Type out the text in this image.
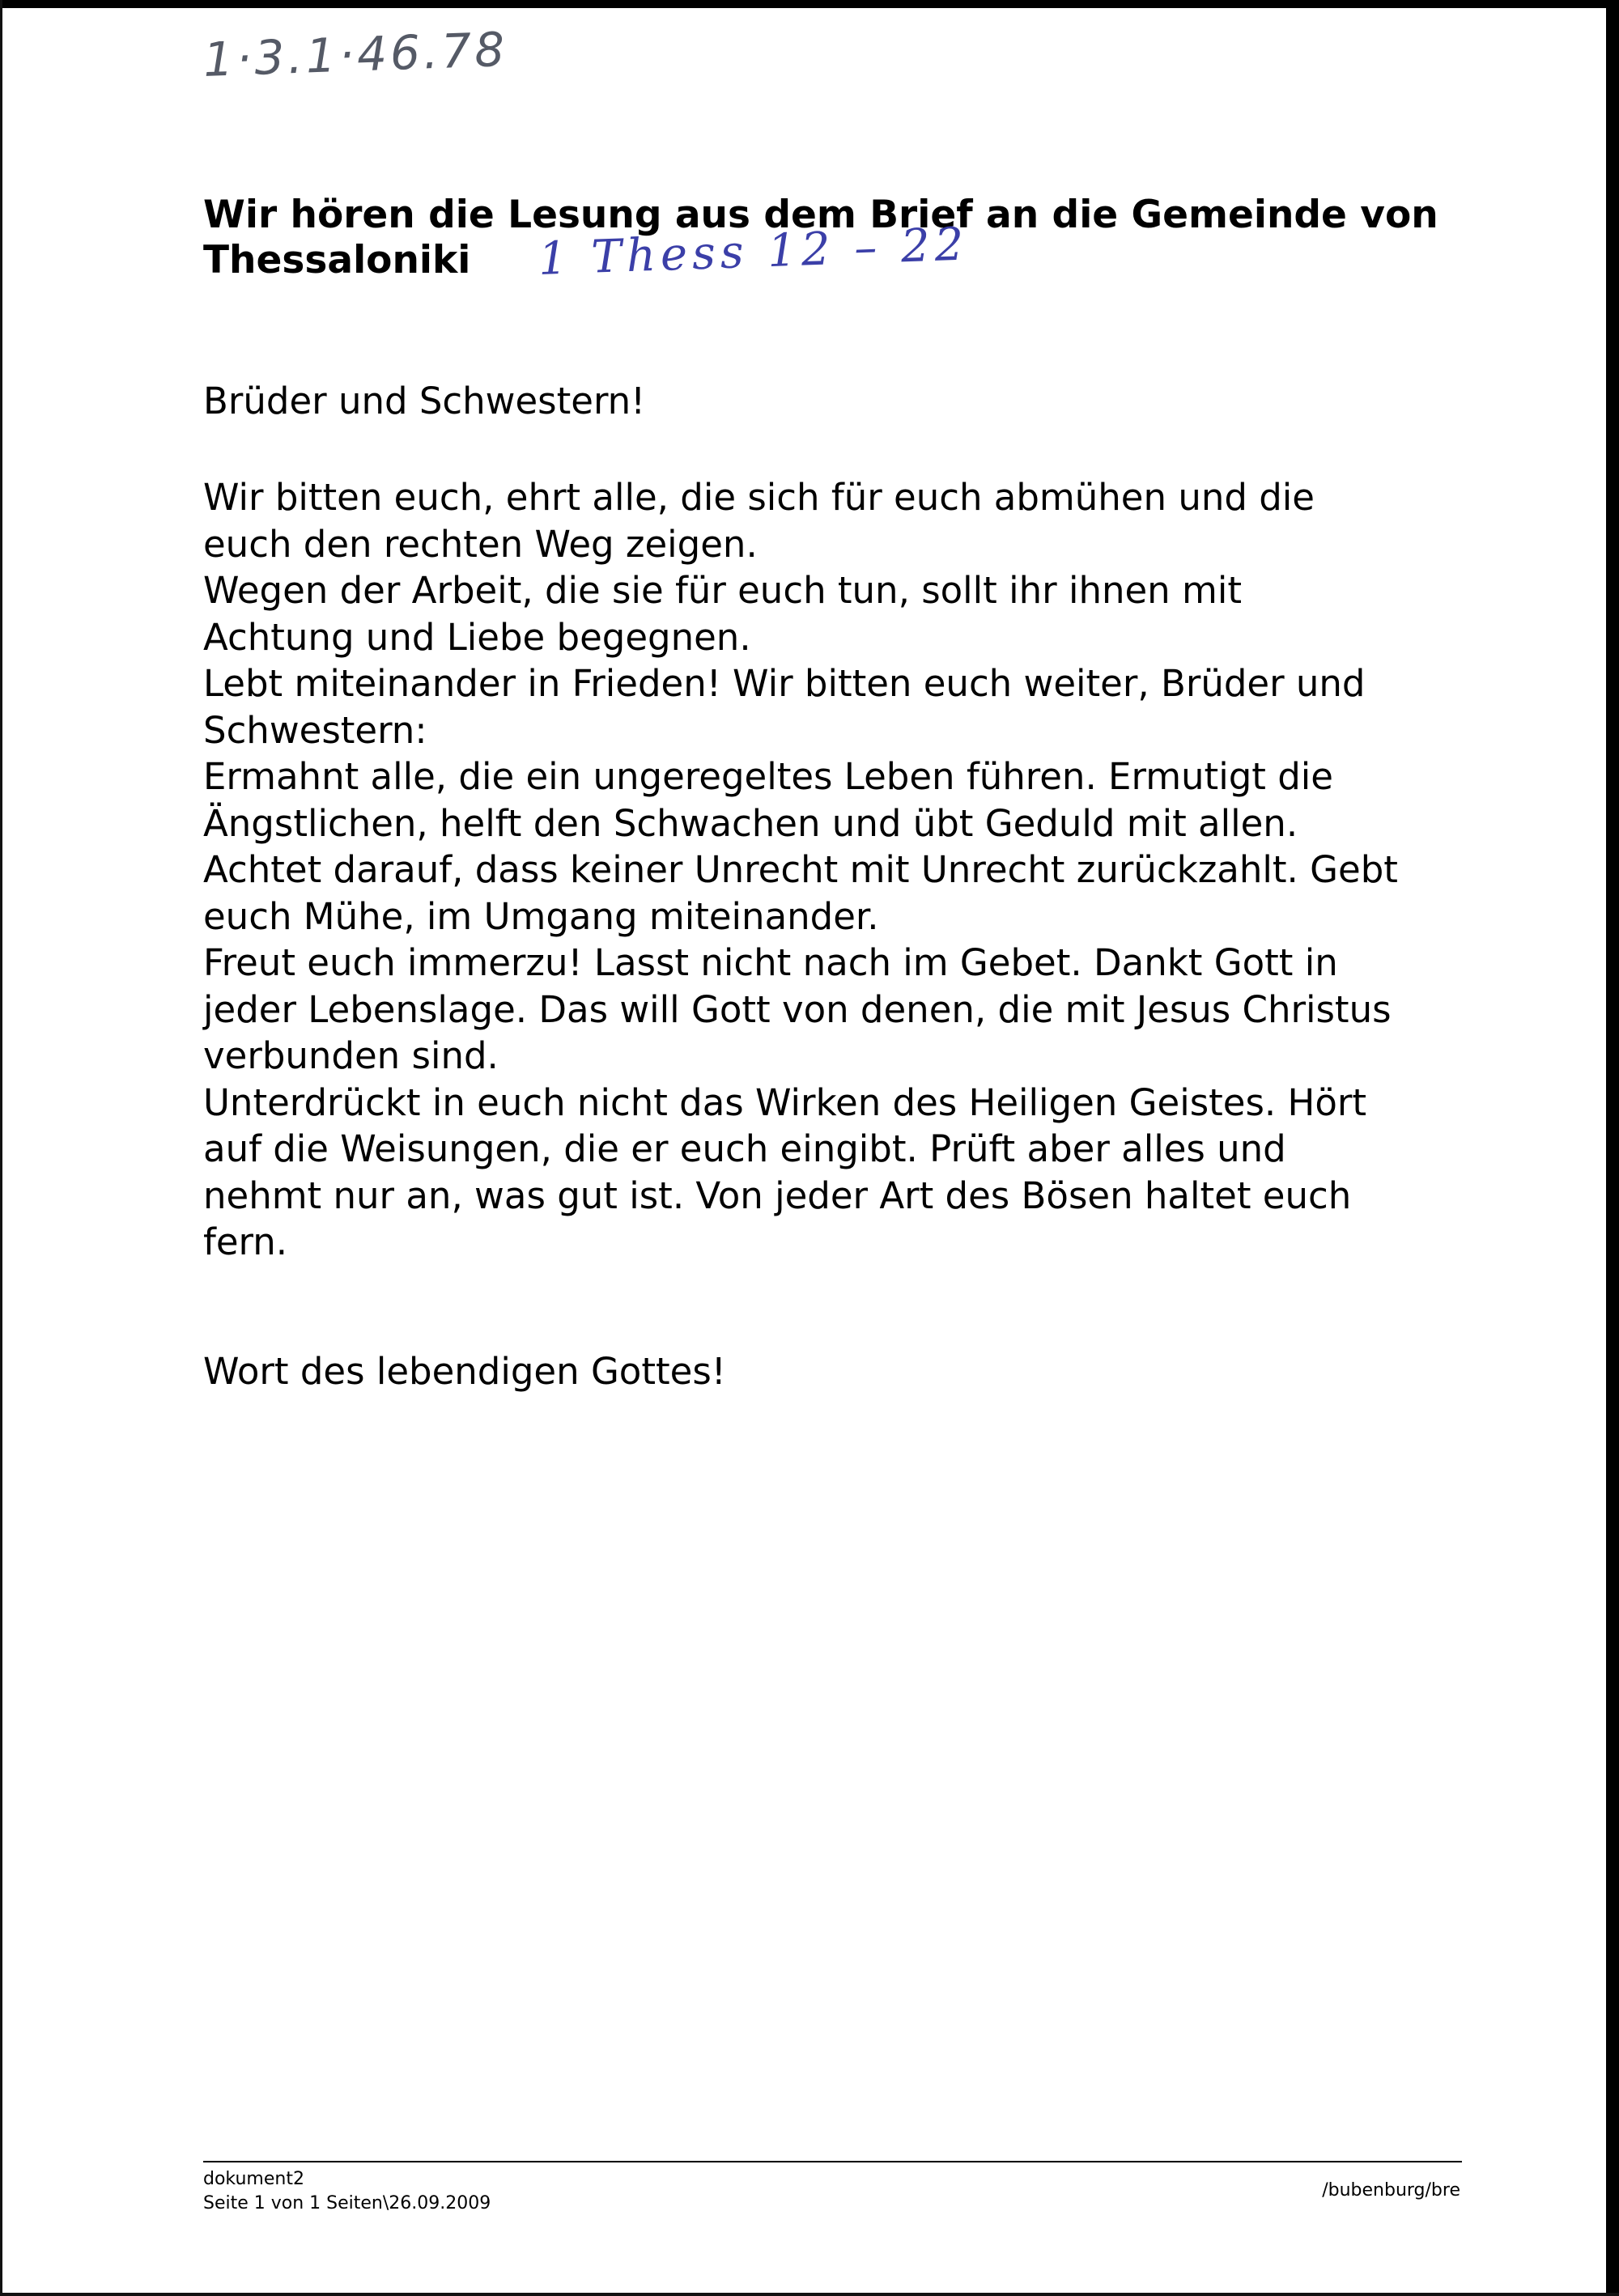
1·3.1·46.78
Wir hören die Lesung aus dem Brief an die Gemeinde von
Thessaloniki	1 Thess 12 – 22
Brüder und Schwestern!
Wir bitten euch, ehrt alle, die sich für euch abmühen und die
euch den rechten Weg zeigen.
Wegen der Arbeit, die sie für euch tun, sollt ihr ihnen mit
Achtung und Liebe begegnen.
Lebt miteinander in Frieden! Wir bitten euch weiter, Brüder und
Schwestern:
Ermahnt alle, die ein ungeregeltes Leben führen. Ermutigt die
Ängstlichen, helft den Schwachen und übt Geduld mit allen.
Achtet darauf, dass keiner Unrecht mit Unrecht zurückzahlt. Gebt
euch Mühe, im Umgang miteinander.
Freut euch immerzu! Lasst nicht nach im Gebet. Dankt Gott in
jeder Lebenslage. Das will Gott von denen, die mit Jesus Christus
verbunden sind.
Unterdrückt in euch nicht das Wirken des Heiligen Geistes. Hört
auf die Weisungen, die er euch eingibt. Prüft aber alles und
nehmt nur an, was gut ist. Von jeder Art des Bösen haltet euch
fern.
Wort des lebendigen Gottes!
dokument2
Seite 1 von 1 Seiten\26.09.2009
/bubenburg/bre
